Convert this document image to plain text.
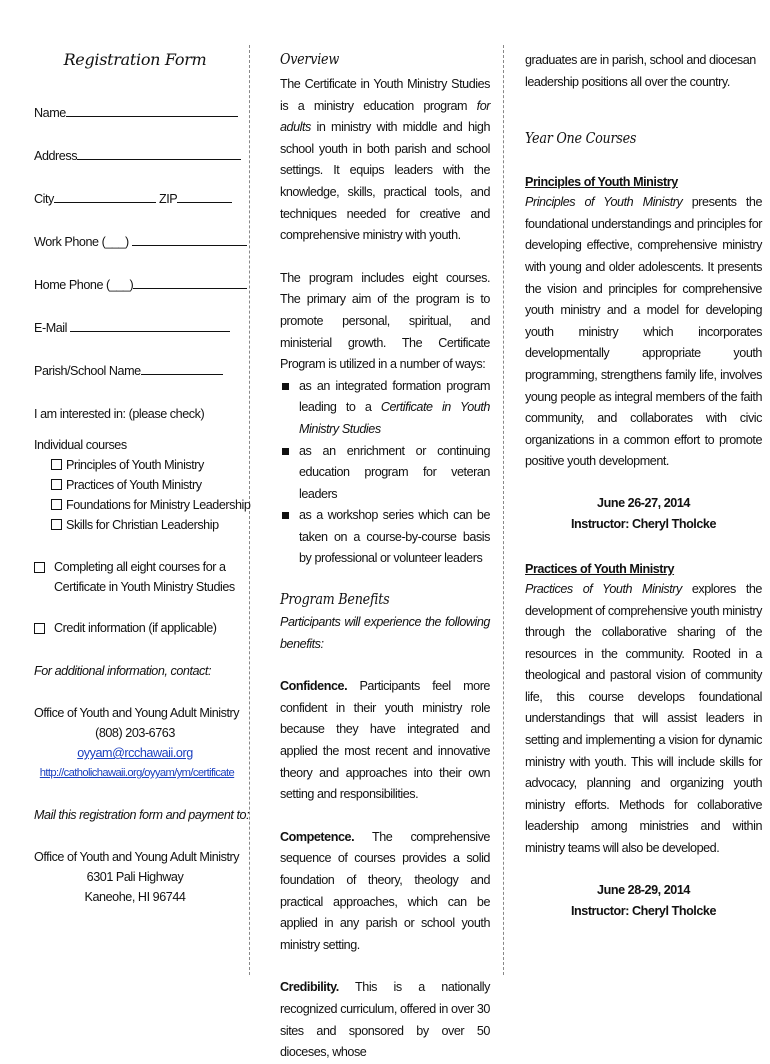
Registration Form
Name
Address
City	ZIP
Work Phone (___)
Home Phone (___)
E-Mail
Parish/School Name
I am interested in: (please check)
Individual courses
Principles of Youth Ministry
Practices of Youth Ministry
Foundations for Ministry Leadership
Skills for Christian Leadership
Completing all eight courses for a
Certificate in Youth Ministry Studies
Credit information (if applicable)
For additional information, contact:
Office of Youth and Young Adult Ministry
(808) 203-6763
oyyam@rcchawaii.org
http://catholichawaii.org/oyyam/ym/certificate
Mail this registration form and payment to:
Office of Youth and Young Adult Ministry
6301 Pali Highway
Kaneohe, HI 96744
Overview

The Certificate in Youth Ministry Studies is a ministry education program for adults in ministry with middle and high school youth in both parish and school settings. It equips leaders with the knowledge, skills, practical tools, and techniques needed for creative and comprehensive ministry with youth.

The program includes eight courses. The primary aim of the program is to promote personal, spiritual, and ministerial growth. The Certificate Program is utilized in a number of ways:

as an integrated formation program leading to a Certificate in Youth Ministry Studies
as an enrichment or continuing education program for veteran leaders
as a workshop series which can be taken on a course-by-course basis by professional or volunteer leaders
Program Benefits

Participants will experience the following benefits:

Confidence. Participants feel more confident in their youth ministry role because they have integrated and applied the most recent and innovative theory and approaches into their own setting and responsibilities.

Competence. The comprehensive sequence of courses provides a solid foundation of theory, theology and practical approaches, which can be applied in any parish or school youth ministry setting.

Credibility. This is a nationally recognized curriculum, offered in over 30 sites and sponsored by over 50 dioceses, whose

graduates are in parish, school and diocesan leadership positions all over the country.

Year One Courses
Principles of Youth Ministry

Principles of Youth Ministry presents the foundational understandings and principles for developing effective, comprehensive ministry with young and older adolescents. It presents the vision and principles for comprehensive youth ministry and a model for developing youth ministry which incorporates developmentally appropriate youth programming, strengthens family life, involves young people as integral members of the faith community, and collaborates with civic organizations in a common effort to promote positive youth development.

June 26-27, 2014
Instructor: Cheryl Tholcke
Practices of Youth Ministry

Practices of Youth Ministry explores the development of comprehensive youth ministry through the collaborative sharing of the resources in the community. Rooted in a theological and pastoral vision of community life, this course develops foundational understandings that will assist leaders in setting and implementing a vision for dynamic ministry with youth. This will include skills for advocacy, planning and organizing youth ministry efforts. Methods for collaborative leadership among ministries and within ministry teams will also be developed.

June 28-29, 2014
Instructor: Cheryl Tholcke
